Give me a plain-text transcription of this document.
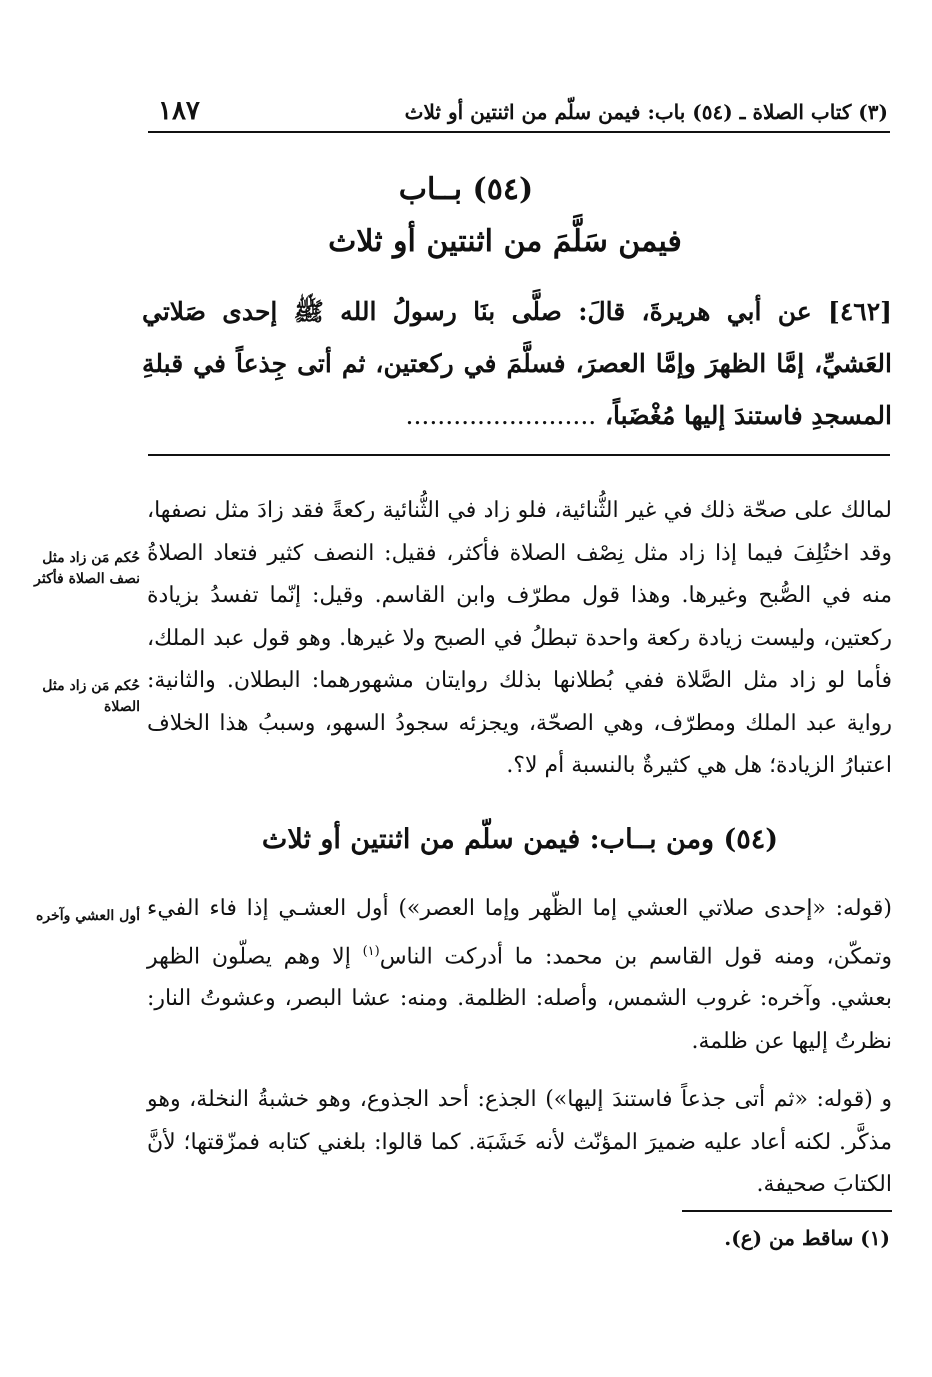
١٨٧	(٣) كتاب الصلاة ـ (٥٤) باب: فيمن سلّم من اثنتين أو ثلاث
(٥٤) بــاب
فيمن سَلَّمَ من اثنتين أو ثلاث

[٤٦٢] عن أبي هريرةَ، قالَ: صلَّى بنَا رسولُ الله ﷺ إحدى صَلاتي العَشيِّ، إمَّا الظهرَ وإمَّا العصرَ، فسلَّمَ في ركعتين، ثم أتى جِذعاً في قبلةِ المسجدِ فاستندَ إليها مُغْضَباً، ........................

لمالك على صحّة ذلك في غير الثُّنائية، فلو زاد في الثُّنائية ركعةً فقد زادَ مثل نصفها، وقد اختُلِفَ فيما إذا زاد مثل نِصْف الصلاة فأكثر، فقيل: النصف كثير فتعاد الصلاةُ منه في الصُّبح وغيرها. وهذا قول مطرّف وابن القاسم. وقيل: إنّما تفسدُ بزيادة ركعتين، وليست زيادة ركعة واحدة تبطلُ في الصبح ولا غيرها. وهو قول عبد الملك، فأما لو زاد مثل الصَّلاة ففي بُطلانها بذلك روايتان مشهورهما: البطلان. والثانية: رواية عبد الملك ومطرّف، وهي الصحّة، ويجزئه سجودُ السهو، وسببُ هذا الخلاف اعتبارُ الزيادة؛ هل هي كثيرةٌ بالنسبة أم لا؟.

(٥٤) ومن بــاب: فيمن سلّم من اثنتين أو ثلاث

(قوله: «إحدى صلاتي العشي إما الظّهر وإما العصر») أول العشـي إذا فاء الفيء وتمكّن، ومنه قول القاسم بن محمد: ما أدركت الناس$^{(١)}$ إلا وهم يصلّون الظهر بعشي. وآخره: غروب الشمس، وأصله: الظلمة. ومنه: عشا البصر، وعشوتُ النار: نظرتُ إليها عن ظلمة.

و (قوله: «ثم أتى جذعاً فاستندَ إليها») الجذع: أحد الجذوع، وهو خشبةُ النخلة، وهو مذكَّر. لكنه أعاد عليه ضميرَ المؤنّث لأنه خَشَبَة. كما قالوا: بلغني كتابه فمزّقتها؛ لأنَّ الكتابَ صحيفة.

حُكم مَن زاد مثل نصف الصلاة فأكثر
حُكم مَن زاد مثل الصلاة
أول العشي وآخره
(١) ساقط من (ع).
